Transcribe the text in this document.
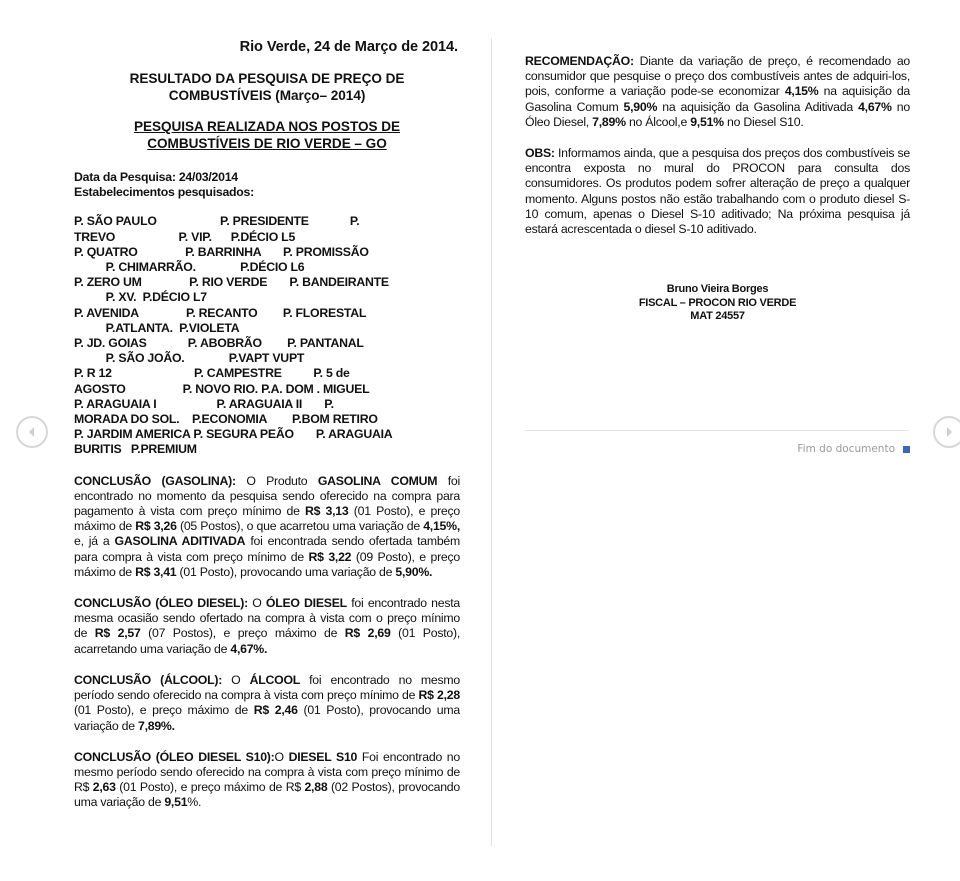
Rio Verde, 24 de Março de 2014.
RESULTADO DA PESQUISA DE PREÇO DE
COMBUSTÍVEIS (Março– 2014)
PESQUISA REALIZADA NOS POSTOS DE
COMBUSTÍVEIS DE RIO VERDE – GO
Data da Pesquisa: 24/03/2014
Estabelecimentos pesquisados:

P. SÃO PAULO                    P. PRESIDENTE             P.

TREVO                    P. VIP.      P.DÉCIO L5

P. QUATRO               P. BARRINHA       P. PROMISSÃO

P. CHIMARRÃO.              P.DÉCIO L6

P. ZERO UM               P. RIO VERDE       P. BANDEIRANTE

P. XV.  P.DÉCIO L7

P. AVENIDA               P. RECANTO        P. FLORESTAL

P.ATLANTA.  P.VIOLETA

P. JD. GOIAS             P. ABOBRÃO        P. PANTANAL

P. SÃO JOÃO.              P.VAPT VUPT

P. R 12                          P. CAMPESTRE          P. 5 de

AGOSTO                  P. NOVO RIO. P.A. DOM . MIGUEL

P. ARAGUAIA I                   P. ARAGUAIA II       P.

MORADA DO SOL.    P.ECONOMIA        P.BOM RETIRO

P. JARDIM AMERICA P. SEGURA PEÃO       P. ARAGUAIA

BURITIS   P.PREMIUM

CONCLUSÃO (GASOLINA): O Produto GASOLINA COMUM foi encontrado no momento da pesquisa sendo oferecido na compra para pagamento à vista com preço mínimo de R$ 3,13 (01 Posto), e preço máximo de R$ 3,26 (05 Postos), o que acarretou uma variação de 4,15%, e, já a GASOLINA ADITIVADA foi encontrada sendo ofertada também para compra à vista com preço mínimo de R$ 3,22 (09 Posto), e preço máximo de R$ 3,41 (01 Posto), provocando uma variação de 5,90%.

CONCLUSÃO (ÓLEO DIESEL): O ÓLEO DIESEL foi encontrado nesta mesma ocasião sendo ofertado na compra à vista com o preço mínimo de R$ 2,57 (07 Postos), e preço máximo de R$ 2,69 (01 Posto), acarretando uma variação de 4,67%.

CONCLUSÃO (ÁLCOOL): O ÁLCOOL foi encontrado no mesmo período sendo oferecido na compra à vista com preço mínimo de R$ 2,28 (01 Posto), e preço máximo de R$ 2,46 (01 Posto), provocando uma variação de 7,89%.

CONCLUSÃO (ÓLEO DIESEL S10):O DIESEL S10 Foi encontrado no mesmo período sendo oferecido na compra à vista com preço mínimo de R$ 2,63 (01 Posto), e preço máximo de R$ 2,88 (02 Postos), provocando uma variação de 9,51%.

RECOMENDAÇÃO: Diante da variação de preço, é recomendado ao consumidor que pesquise o preço dos combustíveis antes de adquiri-los, pois, conforme a variação pode-se economizar 4,15% na aquisição da Gasolina Comum 5,90% na aquisição da Gasolina Aditivada 4,67% no Óleo Diesel, 7,89% no Álcool,e 9,51% no Diesel S10.

OBS: Informamos ainda, que a pesquisa dos preços dos combustíveis se encontra exposta no mural do PROCON para consulta dos consumidores. Os produtos podem sofrer alteração de preço a qualquer momento. Alguns postos não estão trabalhando com o produto diesel S-10 comum, apenas o Diesel S-10 aditivado; Na próxima pesquisa já estará acrescentada o diesel S-10 aditivado.

Bruno Vieira Borges
FISCAL – PROCON RIO VERDE
MAT 24557
Fim do documento
